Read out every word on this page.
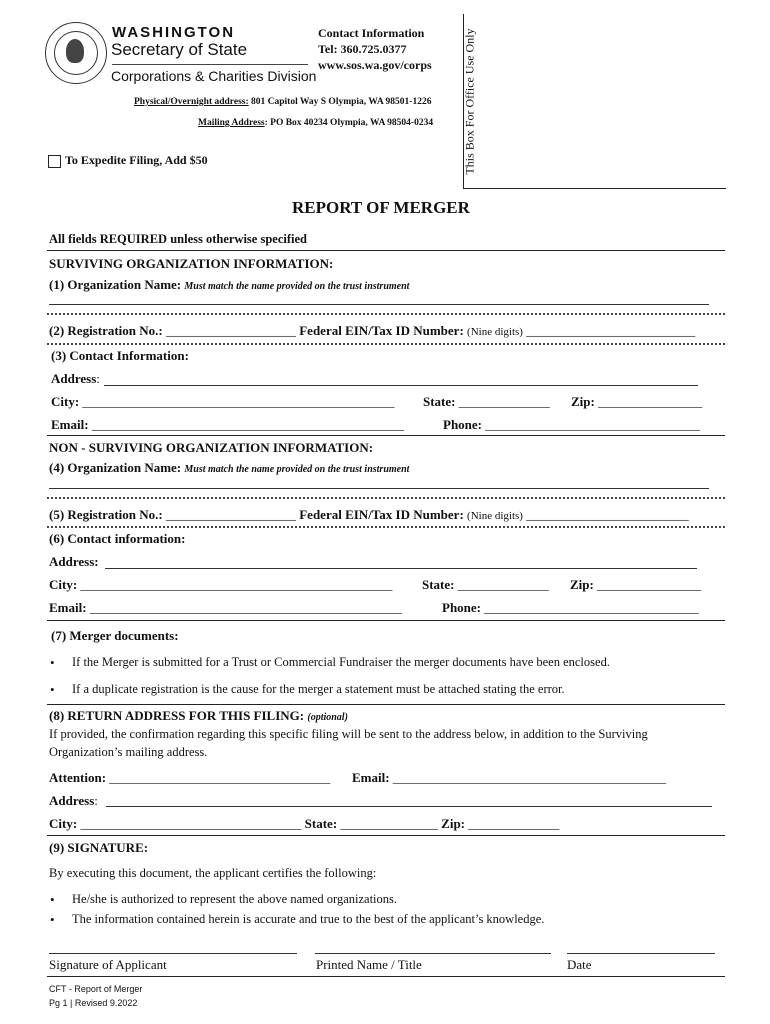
WASHINGTON
Secretary of State
Corporations & Charities Division
Contact Information
Tel: 360.725.0377
www.sos.wa.gov/corps
Physical/Overnight address: 801 Capitol Way S Olympia, WA 98501-1226
Mailing Address: PO Box 40234 Olympia, WA 98504-0234 This Box For Office Use Only
To Expedite Filing, Add $50
REPORT OF MERGER
All fields REQUIRED unless otherwise specified
SURVIVING ORGANIZATION INFORMATION:
(1) Organization Name: Must match the name provided on the trust instrument
(2) Registration No.: ____________________ Federal EIN/Tax ID Number: (Nine digits) __________________________
(3) Contact Information:
Address:
City: ________________________________________________ State: ______________ Zip: ________________
Email: ________________________________________________	Phone: _________________________________
NON - SURVIVING ORGANIZATION INFORMATION:
(4) Organization Name: Must match the name provided on the trust instrument
(5) Registration No.: ____________________ Federal EIN/Tax ID Number: (Nine digits) _________________________
(6) Contact information:
Address:
City: ________________________________________________ State: ______________ Zip: ________________
Email: ________________________________________________	Phone: _________________________________
(7) Merger documents:
• If the Merger is submitted for a Trust or Commercial Fundraiser the merger documents have been enclosed.
• If a duplicate registration is the cause for the merger a statement must be attached stating the error.
(8) RETURN ADDRESS FOR THIS FILING: (optional)
If provided, the confirmation regarding this specific filing will be sent to the address below, in addition to the Surviving
Organization’s mailing address.
Attention: __________________________________ Email: __________________________________________
Address:
City: __________________________________ State: _______________ Zip: ______________
(9) SIGNATURE:
By executing this document, the applicant certifies the following:
• He/she is authorized to represent the above named organizations.
• The information contained herein is accurate and true to the best of the applicant’s knowledge.
Signature of Applicant	Printed Name / Title	Date
CFT - Report of Merger
Pg 1 | Revised 9.2022
